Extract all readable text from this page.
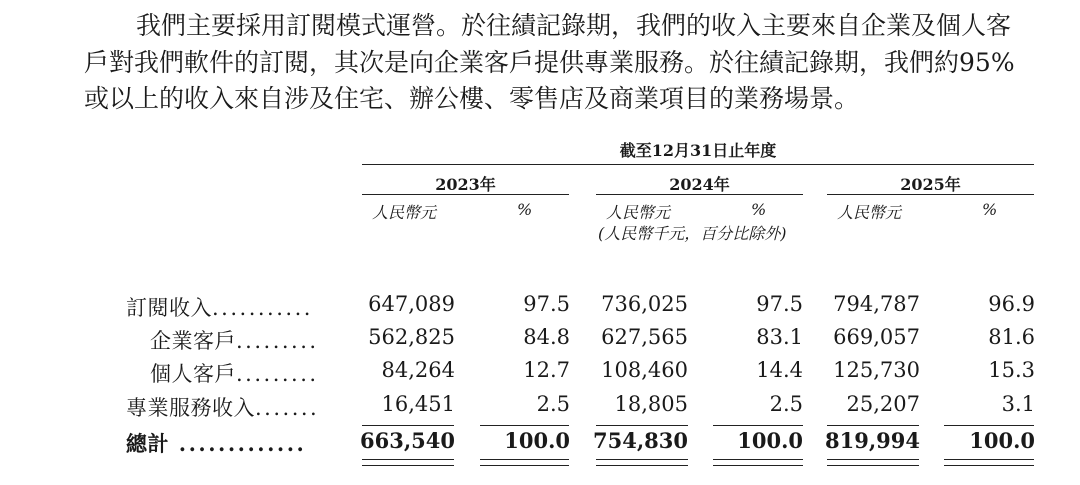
我們主要採用訂閱模式運營。於往績記錄期，我們的收入主要來自企業及個人客
戶對我們軟件的訂閱，其次是向企業客戶提供專業服務。於往績記錄期，我們約95%
或以上的收入來自涉及住宅、辦公樓、零售店及商業項目的業務場景。
截至12月31日止年度
2023年	2024年	2025年
人民幣元	%	人民幣元	%	人民幣元	%
(人民幣千元，百分比除外)
訂閱收入...........	647,089	97.5	736,025	97.5	794,787	96.9
企業客戶.........	562,825	84.8	627,565	83.1	669,057	81.6
個人客戶.........	84,264	12.7	108,460	14.4	125,730	15.3
專業服務收入.......	16,451	2.5	18,805	2.5	25,207	3.1
總計 .............	663,540	100.0	754,830	100.0	819,994	100.0
